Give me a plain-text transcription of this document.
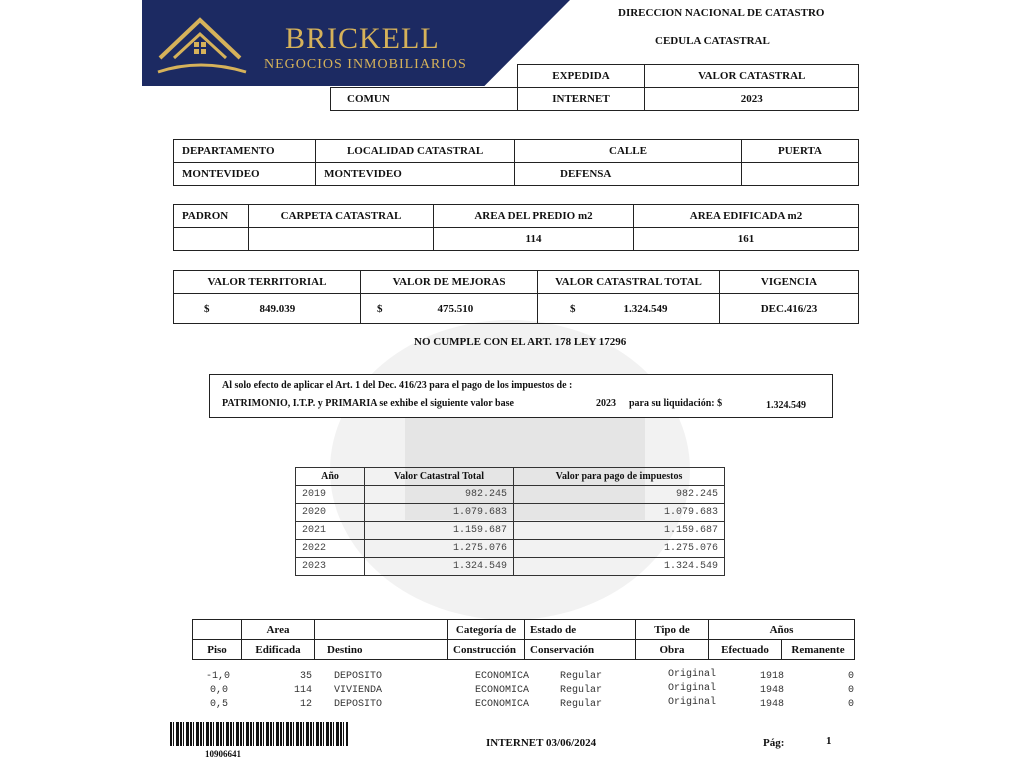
BRICKELL
NEGOCIOS INMOBILIARIOS
DIRECCION NACIONAL DE CATASTRO
CEDULA CATASTRAL
	EXPEDIDA	VALOR CATASTRAL
COMUN	INTERNET	2023
DEPARTAMENTO	LOCALIDAD CATASTRAL	CALLE	PUERTA
MONTEVIDEO	MONTEVIDEO	DEFENSA	
PADRON	CARPETA CATASTRAL	AREA DEL PREDIO m2	AREA EDIFICADA m2
		114	161
VALOR TERRITORIAL	VALOR DE MEJORAS	VALOR CATASTRAL TOTAL	VIGENCIA
$ 849.039	$ 475.510	$ 1.324.549	DEC.416/23
NO CUMPLE CON EL ART. 178 LEY 17296
Al solo efecto de aplicar el Art. 1 del Dec. 416/23 para el pago de los impuestos de :
PATRIMONIO, I.T.P. y PRIMARIA se exhibe el siguiente valor base	2023 para su liquidación: $	1.324.549
Año	Valor Catastral Total	Valor para pago de impuestos
2019	982.245	982.245
2020	1.079.683	1.079.683
2021	1.159.687	1.159.687
2022	1.275.076	1.275.076
2023	1.324.549	1.324.549
	Area		Categoría de	Estado de	Tipo de	Años	
Piso	Edificada	Destino	Construcción	Conservación	Obra	Efectuado	Remanente
-1,0	35 DEPOSITO	ECONOMICA	Regular	Original	1918	0
0,0	114 VIVIENDA	ECONOMICA	Regular	Original	1948	0
0,5	12 DEPOSITO	ECONOMICA	Regular	Original	1948	0
10906641
INTERNET 03/06/2024	Pág:	1
